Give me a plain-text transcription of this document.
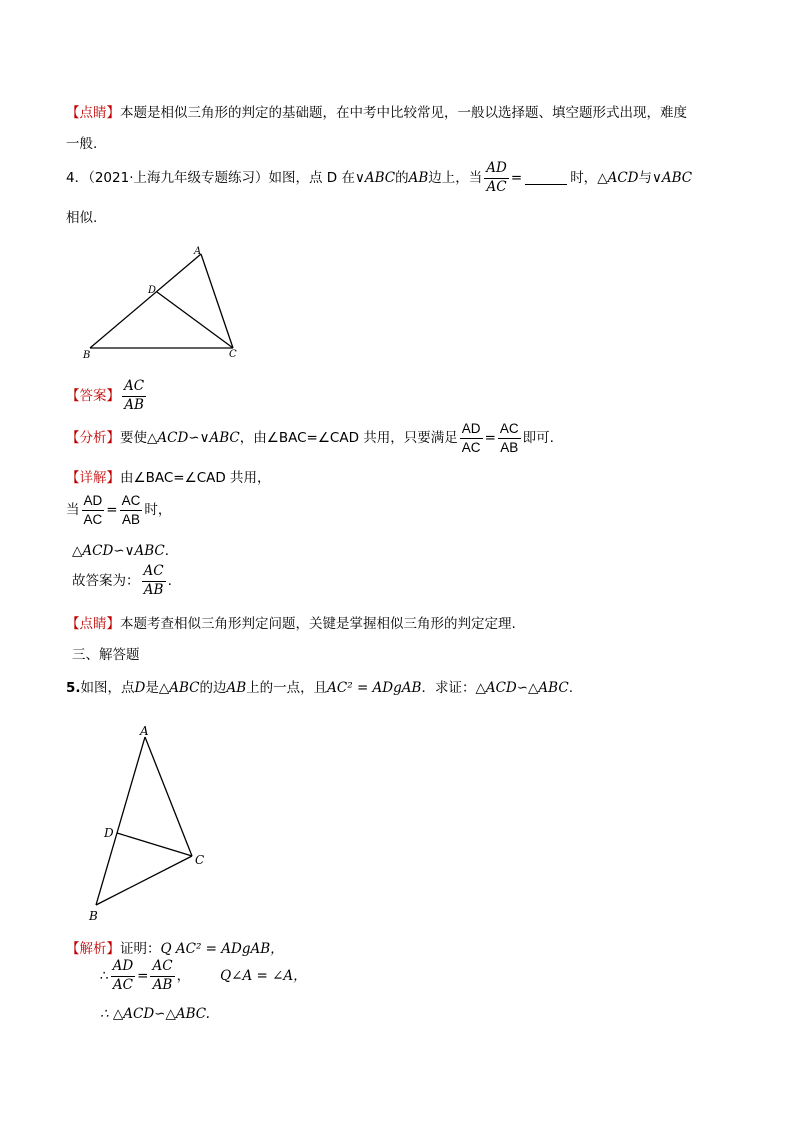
【点睛】本题是相似三角形的判定的基础题，在中考中比较常见，一般以选择题、填空题形式出现，难度
一般.
4．（2021·上海九年级专题练习）如图，点 D 在∨ABC的AB边上，当 $\frac{AD}{AC}$ =	时，△ACD与∨ABC
相似.
A
B	C
D
【答案】 $\frac{AC}{AB}$
【分析】要使△ACD∽∨ABC，由∠BAC=∠CAD 共用，只要满足 $\frac{AD}{AC} = \frac{AC}{AB}$ 即可.
【详解】由∠BAC=∠CAD 共用，
当 $\frac{AD}{AC} = \frac{AC}{AB}$ 时，
△ACD∽∨ABC．
故答案为： $\frac{AC}{AB}$ .
【点睛】本题考查相似三角形判定问题，关键是掌握相似三角形的判定定理.
三、解答题
5.如图，点D是△ABC的边AB上的一点，且AC² = ADgAB．求证：△ACD∽△ABC.
A
B
C
D
【解析】证明：Q AC² = ADgAB，
∴ $\frac{AD}{AC} = \frac{AC}{AB}$ ， Q∠A = ∠A，
∴ △ACD∽△ABC.
